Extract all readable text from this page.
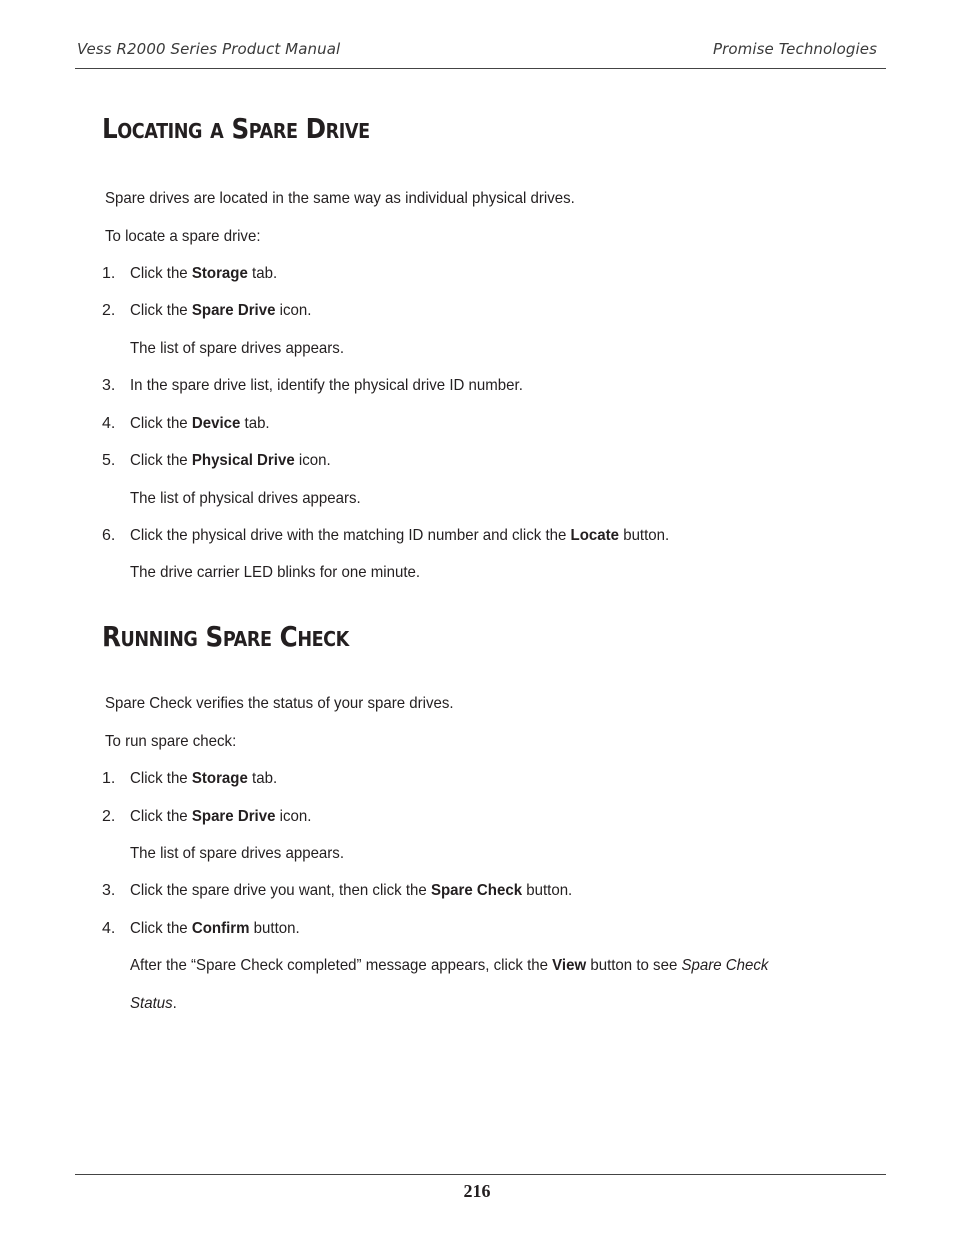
Vess R2000 Series Product Manual	Promise Technologies
Locating a Spare Drive
Spare drives are located in the same way as individual physical drives.
To locate a spare drive:
1. Click the Storage tab.
2. Click the Spare Drive icon.
The list of spare drives appears.
3. In the spare drive list, identify the physical drive ID number.
4. Click the Device tab.
5. Click the Physical Drive icon.
The list of physical drives appears.
6. Click the physical drive with the matching ID number and click the Locate button.
The drive carrier LED blinks for one minute.
Running Spare Check
Spare Check verifies the status of your spare drives.
To run spare check:
1. Click the Storage tab.
2. Click the Spare Drive icon.
The list of spare drives appears.
3. Click the spare drive you want, then click the Spare Check button.
4. Click the Confirm button.
After the “Spare Check completed” message appears, click the View button to see Spare Check
Status.
216
